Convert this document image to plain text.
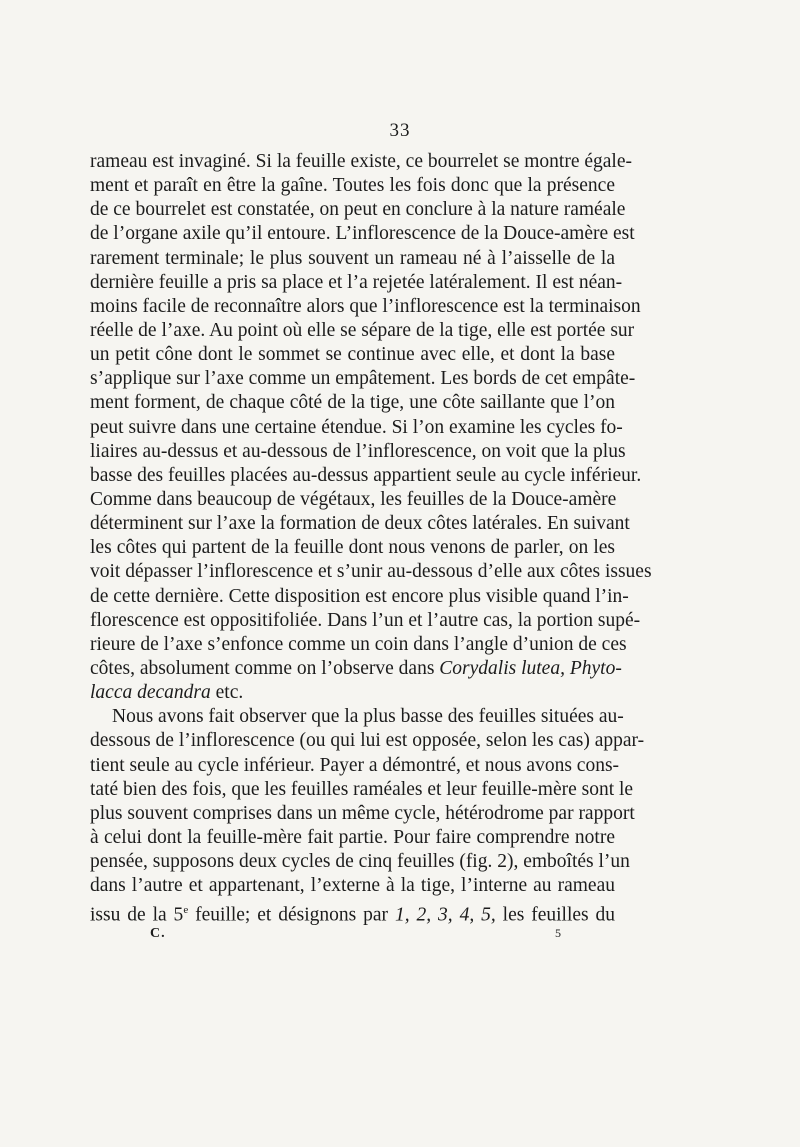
33
rameau est invaginé. Si la feuille existe, ce bourrelet se montre égale-
ment et paraît en être la gaîne. Toutes les fois donc que la présence
de ce bourrelet est constatée, on peut en conclure à la nature raméale
de l’organe axile qu’il entoure. L’inflorescence de la Douce-amère est
rarement terminale; le plus souvent un rameau né à l’aisselle de la
dernière feuille a pris sa place et l’a rejetée latéralement. Il est néan-
moins facile de reconnaître alors que l’inflorescence est la terminaison
réelle de l’axe. Au point où elle se sépare de la tige, elle est portée sur
un petit cône dont le sommet se continue avec elle, et dont la base
s’applique sur l’axe comme un empâtement. Les bords de cet empâte-
ment forment, de chaque côté de la tige, une côte saillante que l’on
peut suivre dans une certaine étendue. Si l’on examine les cycles fo-
liaires au-dessus et au-dessous de l’inflorescence, on voit que la plus
basse des feuilles placées au-dessus appartient seule au cycle inférieur.
Comme dans beaucoup de végétaux, les feuilles de la Douce-amère
déterminent sur l’axe la formation de deux côtes latérales. En suivant
les côtes qui partent de la feuille dont nous venons de parler, on les
voit dépasser l’inflorescence et s’unir au-dessous d’elle aux côtes issues
de cette dernière. Cette disposition est encore plus visible quand l’in-
florescence est oppositifoliée. Dans l’un et l’autre cas, la portion supé-
rieure de l’axe s’enfonce comme un coin dans l’angle d’union de ces
côtes, absolument comme on l’observe dans Corydalis lutea, Phyto-
lacca decandra etc.
Nous avons fait observer que la plus basse des feuilles situées au-
dessous de l’inflorescence (ou qui lui est opposée, selon les cas) appar-
tient seule au cycle inférieur. Payer a démontré, et nous avons cons-
taté bien des fois, que les feuilles raméales et leur feuille-mère sont le
plus souvent comprises dans un même cycle, hétérodrome par rapport
à celui dont la feuille-mère fait partie. Pour faire comprendre notre
pensée, supposons deux cycles de cinq feuilles (fig. 2), emboîtés l’un
dans l’autre et appartenant, l’externe à la tige, l’interne au rameau
issu de la 5e feuille; et désignons par 1, 2, 3, 4, 5, les feuilles du
C.	5
